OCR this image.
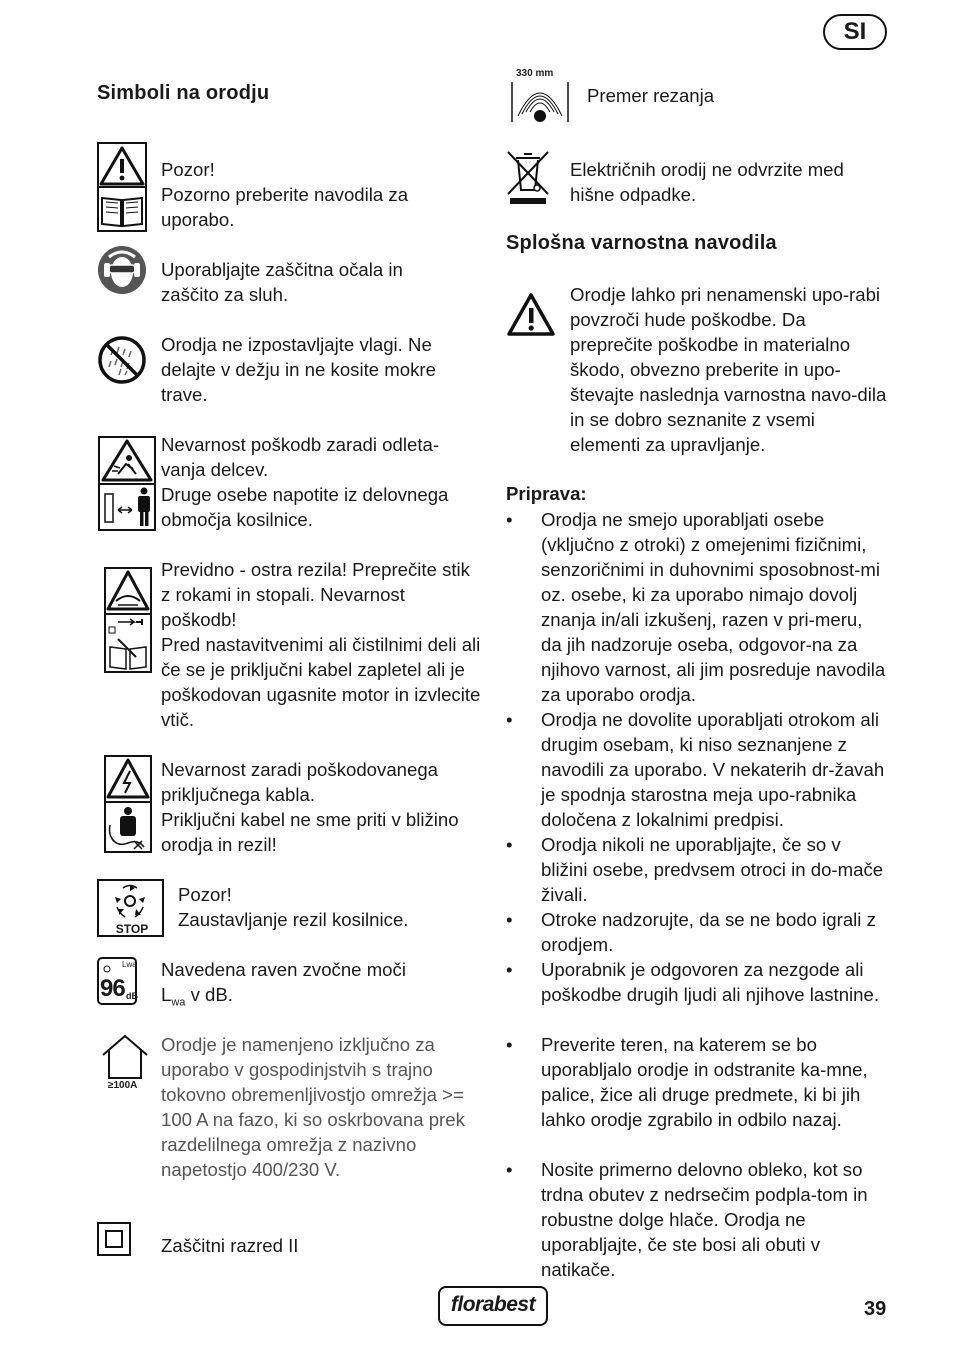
SI
Simboli na orodju
Pozor!
Pozorno preberite navodila za uporabo.
Uporabljajte zaščitna očala in zaščito za sluh.
Orodja ne izpostavljajte vlagi. Ne delajte v dežju in ne kosite mokre trave.
Nevarnost poškodb zaradi odleta-vanja delcev.
Druge osebe napotite iz delovnega območja kosilnice.
Previdno - ostra rezila! Preprečite stik z rokami in stopali. Nevarnost poškodb!
Pred nastavitvenimi ali čistilnimi deli ali če se je priključni kabel zapletel ali je poškodovan ugasnite motor in izvlecite vtič.
Nevarnost zaradi poškodovanega priključnega kabla.
Priključni kabel ne sme priti v bližino orodja in rezil!
STOP
Pozor!
Zaustavljanje rezil kosilnice.
Lwa
96 dB
Navedena raven zvočne moči
$L_{wa}$ v dB.
≥100A
Orodje je namenjeno izključno za uporabo v gospodinjstvih s trajno tokovno obremenljivostjo omrežja >= 100 A na fazo, ki so oskrbovana prek razdelilnega omrežja z nazivno napetostjo 400/230 V.
Zaščitni razred II
330 mm
Premer rezanja
Električnih orodij ne odvrzite med hišne odpadke.
Splošna varnostna navodila
Orodje lahko pri nenamenski upo-rabi povzroči hude poškodbe. Da preprečite poškodbe in materialno škodo, obvezno preberite in upo-števajte naslednja varnostna navo-dila in se dobro seznanite z vsemi elementi za upravljanje.
Priprava:
• Orodja ne smejo uporabljati osebe (vključno z otroki) z omejenimi fizičnimi, senzoričnimi in duhovnimi sposobnost-mi oz. osebe, ki za uporabo nimajo dovolj znanja in/ali izkušenj, razen v pri-meru, da jih nadzoruje oseba, odgovor-na za njihovo varnost, ali jim posreduje navodila za uporabo orodja.
• Orodja ne dovolite uporabljati otrokom ali drugim osebam, ki niso seznanjene z navodili za uporabo. V nekaterih dr-žavah je spodnja starostna meja upo-rabnika določena z lokalnimi predpisi.
• Orodja nikoli ne uporabljajte, če so v bližini osebe, predvsem otroci in do-mače živali.
• Otroke nadzorujte, da se ne bodo igrali z orodjem.
• Uporabnik je odgovoren za nezgode ali poškodbe drugih ljudi ali njihove lastnine.
• Preverite teren, na katerem se bo uporabljalo orodje in odstranite ka-mne, palice, žice ali druge predmete, ki bi jih lahko orodje zgrabilo in odbilo nazaj.
• Nosite primerno delovno obleko, kot so trdna obutev z nedrsečim podpla-tom in robustne dolge hlače. Orodja ne uporabljajte, če ste bosi ali obuti v natikače.
florabest	39
